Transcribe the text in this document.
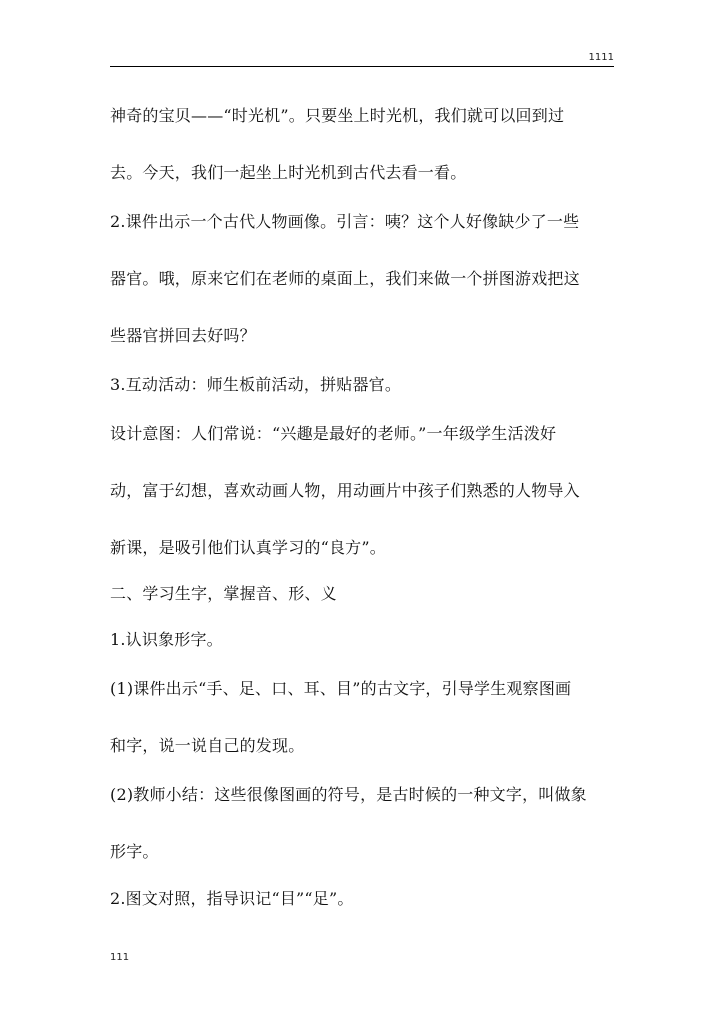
1111
神奇的宝贝——“时光机”。只要坐上时光机，我们就可以回到过
去。今天，我们一起坐上时光机到古代去看一看。
2.课件出示一个古代人物画像。引言：咦？这个人好像缺少了一些
器官。哦，原来它们在老师的桌面上，我们来做一个拼图游戏把这
些器官拼回去好吗？
3.互动活动：师生板前活动，拼贴器官。
设计意图：人们常说：“兴趣是最好的老师。”一年级学生活泼好
动，富于幻想，喜欢动画人物，用动画片中孩子们熟悉的人物导入
新课，是吸引他们认真学习的“良方”。
二、学习生字，掌握音、形、义
1.认识象形字。
(1)课件出示“手、足、口、耳、目”的古文字，引导学生观察图画
和字，说一说自己的发现。
(2)教师小结：这些很像图画的符号，是古时候的一种文字，叫做象
形字。
2.图文对照，指导识记“目”“足”。
111
